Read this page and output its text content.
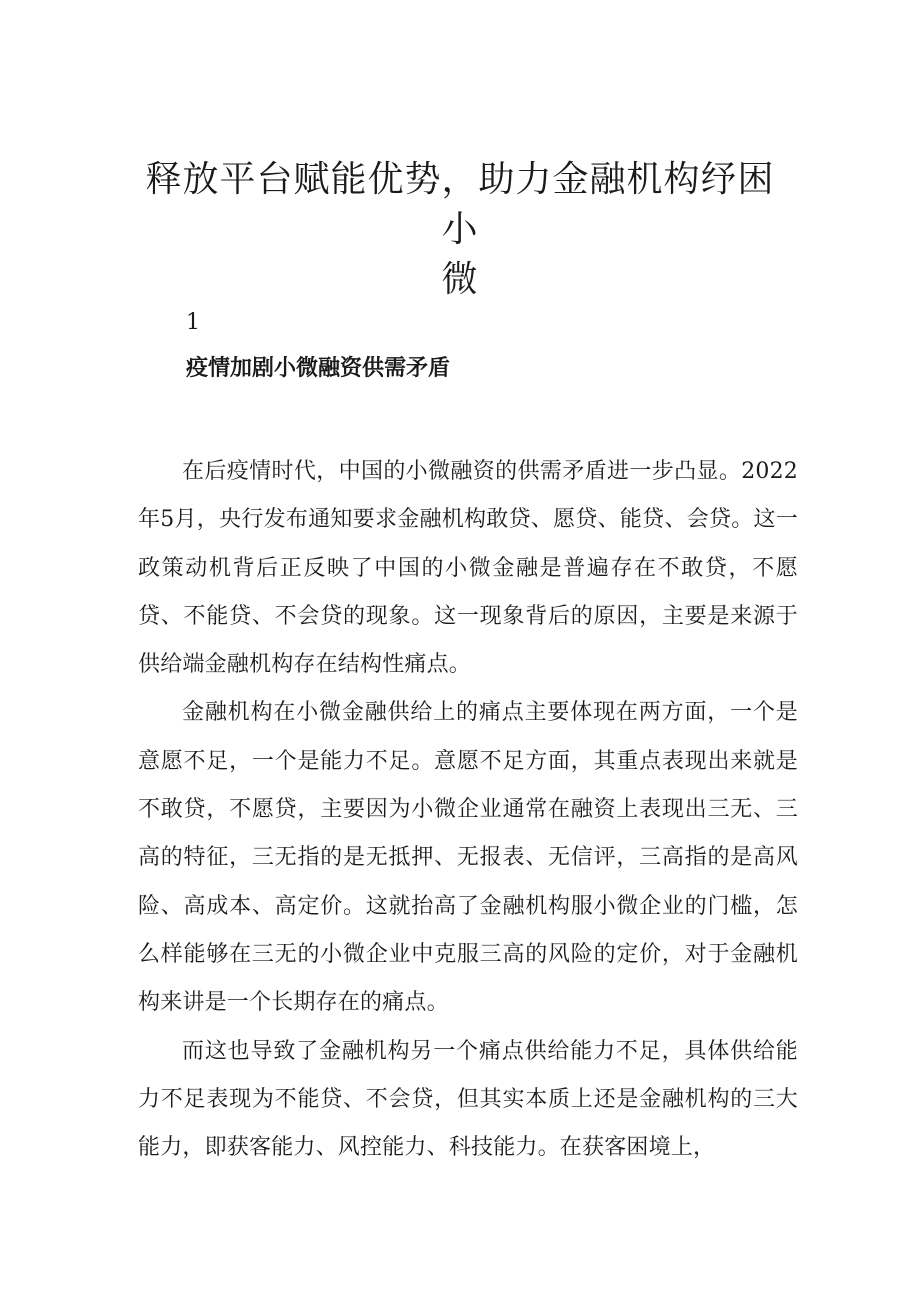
释放平台赋能优势，助力金融机构纾困小
微
1
疫情加剧小微融资供需矛盾

在后疫情时代，中国的小微融资的供需矛盾进一步凸显。2022年5月，央行发布通知要求金融机构敢贷、愿贷、能贷、会贷。这一政策动机背后正反映了中国的小微金融是普遍存在不敢贷，不愿贷、不能贷、不会贷的现象。这一现象背后的原因，主要是来源于供给端金融机构存在结构性痛点。

金融机构在小微金融供给上的痛点主要体现在两方面，一个是意愿不足，一个是能力不足。意愿不足方面，其重点表现出来就是不敢贷，不愿贷，主要因为小微企业通常在融资上表现出三无、三高的特征，三无指的是无抵押、无报表、无信评，三高指的是高风险、高成本、高定价。这就抬高了金融机构服小微企业的门槛，怎么样能够在三无的小微企业中克服三高的风险的定价，对于金融机构来讲是一个长期存在的痛点。

而这也导致了金融机构另一个痛点供给能力不足，具体供给能力不足表现为不能贷、不会贷，但其实本质上还是金融机构的三大能力，即获客能力、风控能力、科技能力。在获客困境上，
